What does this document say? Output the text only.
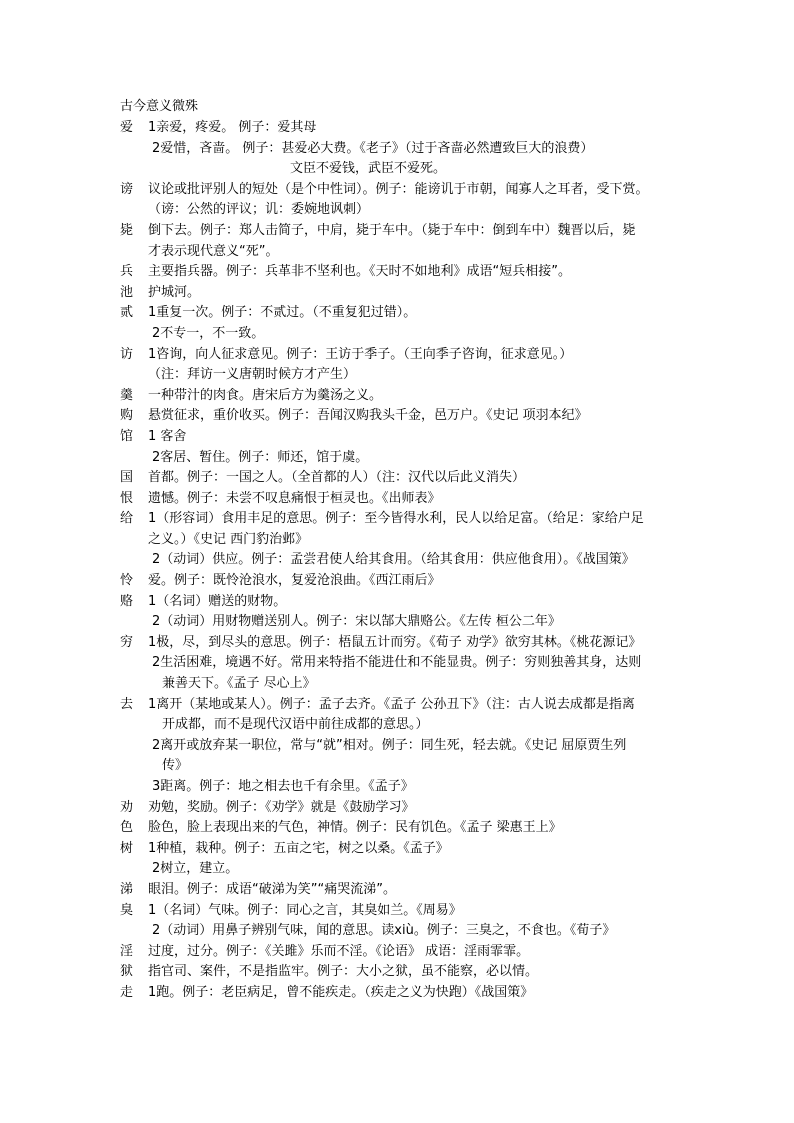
古今意义微殊
爱	1亲爱，疼爱。 例子：爱其母
2爱惜，吝啬。 例子：甚爱必大费。《老子》（过于吝啬必然遭致巨大的浪费）
文臣不爱钱，武臣不爱死。
谤	议论或批评别人的短处（是个中性词）。例子：能谤讥于市朝，闻寡人之耳者，受下赏。
（谤：公然的评议；讥：委婉地讽刺）
毙	倒下去。例子：郑人击简子，中肩，毙于车中。（毙于车中：倒到车中）魏晋以后，毙
才表示现代意义“死”。
兵	主要指兵器。例子：兵革非不坚利也。《天时不如地利》成语“短兵相接”。
池	护城河。
贰	1重复一次。例子：不贰过。（不重复犯过错）。
2不专一，不一致。
访	1咨询，向人征求意见。例子：王访于季子。（王向季子咨询，征求意见。）
（注：拜访一义唐朝时候方才产生）
羹	一种带汁的肉食。唐宋后方为羹汤之义。
购	悬赏征求，重价收买。例子：吾闻汉购我头千金，邑万户。《史记 项羽本纪》
馆	1 客舍
2客居、暂住。例子：师还，馆于虞。
国	首都。例子：一国之人。（全首都的人）（注：汉代以后此义消失）
恨	遗憾。例子：未尝不叹息痛恨于桓灵也。《出师表》
给	1（形容词）食用丰足的意思。例子：至今皆得水利，民人以给足富。（给足：家给户足
之义。）《史记 西门豹治邺》
2（动词）供应。例子：孟尝君使人给其食用。（给其食用：供应他食用）。《战国策》
怜	爱。例子：既怜沧浪水，复爱沧浪曲。《西江雨后》
赂	1（名词）赠送的财物。
2（动词）用财物赠送别人。例子：宋以郜大鼎赂公。《左传 桓公二年》
穷	1极，尽，到尽头的意思。例子：梧鼠五计而穷。《荀子 劝学》欲穷其林。《桃花源记》
2生活困难，境遇不好。常用来特指不能进仕和不能显贵。例子：穷则独善其身，达则
兼善天下。《孟子 尽心上》
去	1离开（某地或某人）。例子：孟子去齐。《孟子 公孙丑下》（注：古人说去成都是指离
开成都，而不是现代汉语中前往成都的意思。）
2离开或放弃某一职位，常与“就”相对。例子：同生死，轻去就。《史记 屈原贾生列
传》
3距离。例子：地之相去也千有余里。《孟子》
劝	劝勉，奖励。例子：《劝学》就是《鼓励学习》
色	脸色，脸上表现出来的气色，神情。例子：民有饥色。《孟子 梁惠王上》
树	1种植，栽种。例子：五亩之宅，树之以桑。《孟子》
2树立，建立。
涕	眼泪。例子：成语“破涕为笑”“痛哭流涕”。
臭	1（名词）气味。例子：同心之言，其臭如兰。《周易》
2（动词）用鼻子辨别气味，闻的意思。读xiù。例子：三臭之，不食也。《荀子》
淫	过度，过分。例子：《关雎》乐而不淫。《论语》 成语：淫雨霏霏。
狱	指官司、案件，不是指监牢。例子：大小之狱，虽不能察，必以情。
走	1跑。例子：老臣病足，曾不能疾走。（疾走之义为快跑）《战国策》
